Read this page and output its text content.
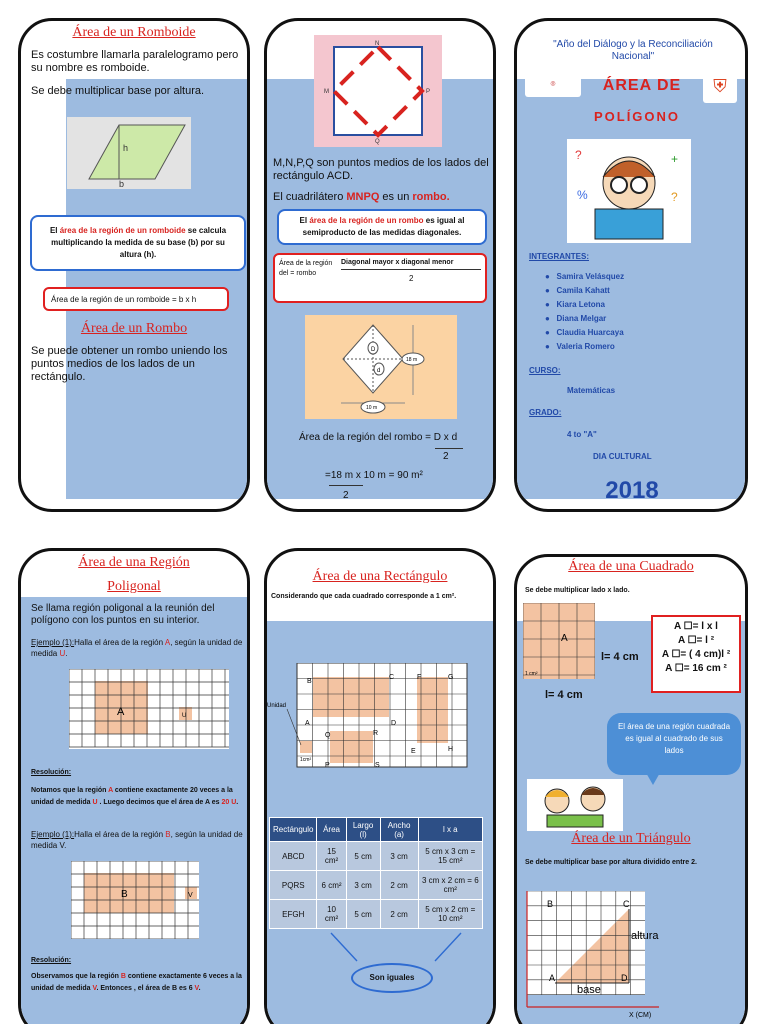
Área de un Romboide
Es costumbre llamarla paralelogramo pero su nombre es romboide.
Se debe multiplicar base por altura.
h
b
El área de la región de un romboide se calcula multiplicando la medida de su base (b) por su altura (h).
Área de la región de un romboide = b x h
Área de un Rombo
Se puede obtener un rombo uniendo los puntos medios de los lados de un rectángulo.
N
M	P
Q
M,N,P,Q son puntos medios de los lados del rectángulo ACD.
El cuadrilátero MNPQ es un rombo.
El área de la región de un rombo es igual al semiproducto de las medidas diagonales.
Área de la región
del = rombo
Diagonal mayor x diagonal menor
2
D
d
18 m
10 m
Área de la región del rombo = D x d
2
=18 m x 10 m = 90 m²
2
"Año del Diálogo y la Reconciliación Nacional"
◎	⛨
ÁREA DE
POLÍGONO
?	+
%	?
INTEGRANTES:
●   Samira Velásquez
●   Camila Kahatt
●   Kiara Letona
●   Diana Melgar
●   Claudia Huarcaya
●   Valeria Romero
CURSO:
Matemáticas
GRADO:
4 to "A"
DIA CULTURAL
2018
Área de una Región
Poligonal
Se llama región poligonal a la reunión del polígono con los puntos en su interior.
Ejemplo (1):Halla el área de la región A, según la unidad de medida U.
A	U
Resolución:
Notamos que la región A contiene exactamente 20 veces a la unidad de medida U . Luego decimos que el área de A es 20 U.
Ejemplo (1):Halla el área de la región B, según la unidad de medida V.
B	V
Resolución:
Observamos que la región B contiene exactamente 6 veces a la unidad de medida V. Entonces , el área de B es 6 V.
Área de una Rectángulo
Considerando que cada cuadrado corresponde a 1 cm².
Unidad
1cm²
B
C	F	G
A	D
Q	R
E	H
P	S
Rectángulo	Área	Largo (l)	Ancho (a)	l x a
ABCD	15 cm²	5 cm	3 cm	5 cm x 3 cm = 15 cm²
PQRS	6 cm²	3 cm	2 cm	3 cm x 2 cm = 6 cm²
EFGH	10 cm²	5 cm	2 cm	5 cm x 2 cm = 10 cm²
Son iguales
Área de una Cuadrado
Se debe multiplicar lado x lado.
A
1 cm²
l= 4 cm
l= 4 cm
A ☐= l x l
A ☐= l ²
A ☐= ( 4 cm)l ²
A ☐= 16 cm ²
El área de una región cuadrada es igual al cuadrado de sus lados
Área de un Triángulo
Se debe multiplicar base por altura dividido entre 2.
B	C
A	D
altura
base
X (CM)
